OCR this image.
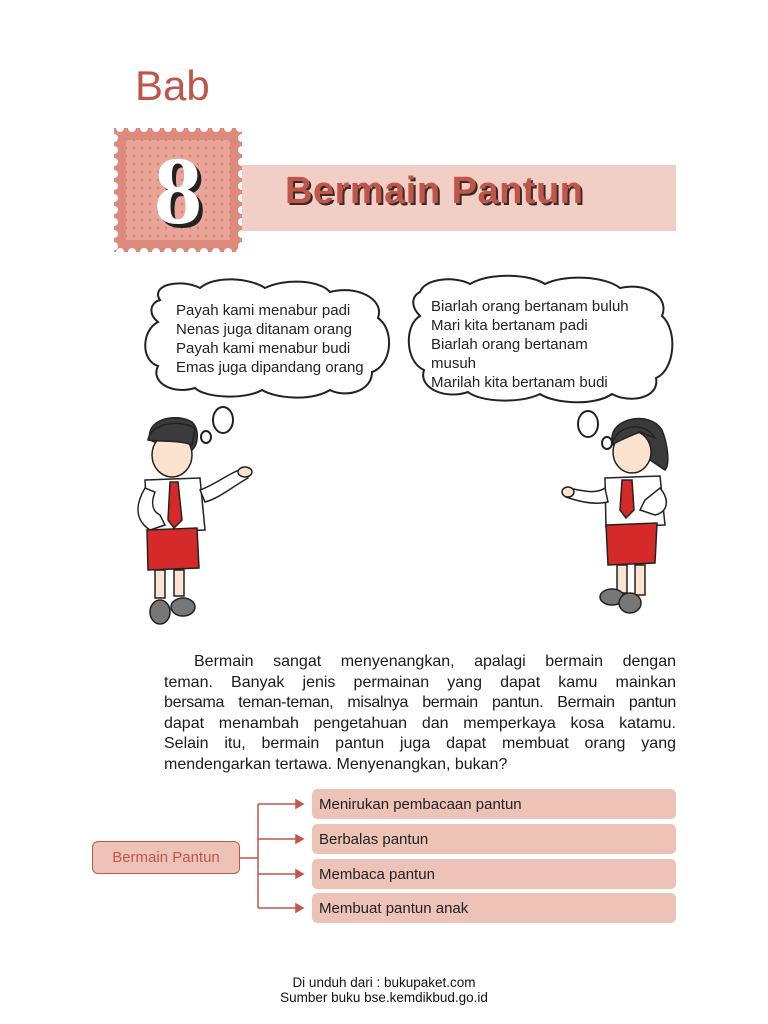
Bab
8	Bermain Pantun
Payah kami menabur padi
Nenas juga ditanam orang
Payah kami menabur budi
Emas juga dipandang orang
Biarlah orang bertanam buluh
Mari kita bertanam padi
Biarlah orang bertanam
musuh
Marilah kita bertanam budi
Bermain sangat menyenangkan, apalagi bermain dengan
teman. Banyak jenis permainan yang dapat kamu mainkan
bersama teman-teman, misalnya bermain pantun. Bermain pantun
dapat menambah pengetahuan dan memperkaya kosa katamu.
Selain itu, bermain pantun juga dapat membuat orang yang
mendengarkan tertawa. Menyenangkan, bukan?
Bermain Pantun
Menirukan pembacaan pantun
Berbalas pantun
Membaca pantun
Membuat pantun anak
Di unduh dari : bukupaket.com
Sumber buku bse.kemdikbud.go.id
